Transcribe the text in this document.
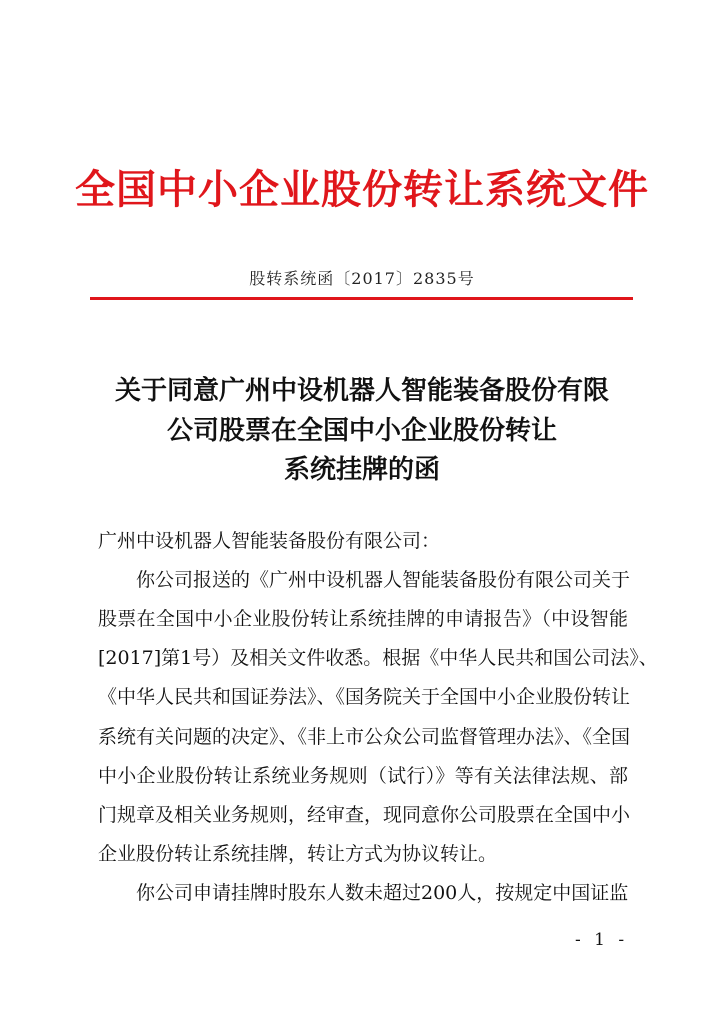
全国中小企业股份转让系统文件
股转系统函〔2017〕2835号
关于同意广州中设机器人智能装备股份有限
公司股票在全国中小企业股份转让
系统挂牌的函
广州中设机器人智能装备股份有限公司：
你公司报送的《广州中设机器人智能装备股份有限公司关于
股票在全国中小企业股份转让系统挂牌的申请报告》（中设智能
[2017]第1号）及相关文件收悉。根据《中华人民共和国公司法》、
《中华人民共和国证券法》、《国务院关于全国中小企业股份转让
系统有关问题的决定》、《非上市公众公司监督管理办法》、《全国
中小企业股份转让系统业务规则（试行）》等有关法律法规、部
门规章及相关业务规则，经审查，现同意你公司股票在全国中小
企业股份转让系统挂牌，转让方式为协议转让。
你公司申请挂牌时股东人数未超过200人，按规定中国证监
- 1 -
